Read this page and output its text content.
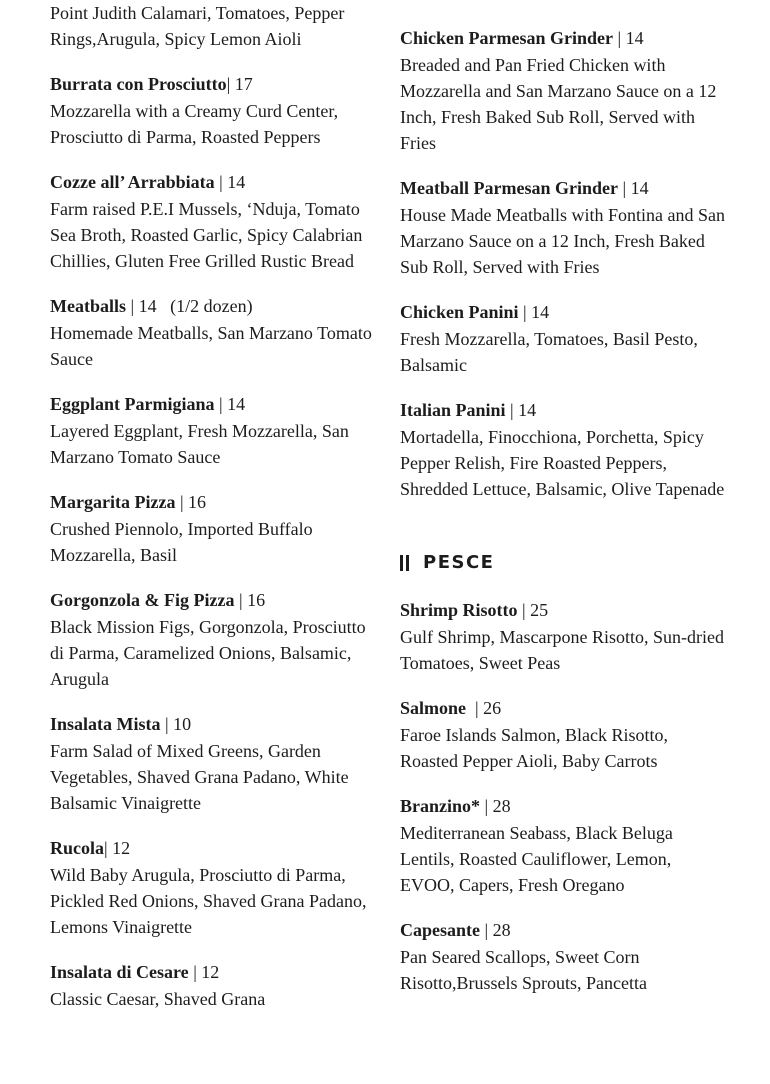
Point Judith Calamari, Tomatoes, Pepper Rings,Arugula, Spicy Lemon Aioli
Burrata con Prosciutto| 17
Mozzarella with a Creamy Curd Center, Prosciutto di Parma, Roasted Peppers
Cozze all’ Arrabbiata | 14
Farm raised P.E.I Mussels, ‘Nduja, Tomato Sea Broth, Roasted Garlic, Spicy Calabrian Chillies, Gluten Free Grilled Rustic Bread
Meatballs | 14   (1/2 dozen)
Homemade Meatballs, San Marzano Tomato Sauce
Eggplant Parmigiana | 14
Layered Eggplant, Fresh Mozzarella, San Marzano Tomato Sauce
Margarita Pizza | 16
Crushed Piennolo, Imported Buffalo Mozzarella, Basil
Gorgonzola & Fig Pizza | 16
Black Mission Figs, Gorgonzola, Prosciutto di Parma, Caramelized Onions, Balsamic, Arugula
Insalata Mista | 10
Farm Salad of Mixed Greens, Garden Vegetables, Shaved Grana Padano, White Balsamic Vinaigrette
Rucola| 12
Wild Baby Arugula, Prosciutto di Parma, Pickled Red Onions, Shaved Grana Padano, Lemons Vinaigrette
Insalata di Cesare | 12
Classic Caesar, Shaved Grana
Chicken Parmesan Grinder | 14
Breaded and Pan Fried Chicken with Mozzarella and San Marzano Sauce on a 12 Inch, Fresh Baked Sub Roll, Served with Fries
Meatball Parmesan Grinder | 14
House Made Meatballs with Fontina and San Marzano Sauce on a 12 Inch, Fresh Baked Sub Roll, Served with Fries
Chicken Panini | 14
Fresh Mozzarella, Tomatoes, Basil Pesto, Balsamic
Italian Panini | 14
Mortadella, Finocchiona, Porchetta, Spicy Pepper Relish, Fire Roasted Peppers, Shredded Lettuce, Balsamic, Olive Tapenade
PESCE
Shrimp Risotto | 25
Gulf Shrimp, Mascarpone Risotto, Sun-dried Tomatoes, Sweet Peas
Salmone  | 26
Faroe Islands Salmon, Black Risotto, Roasted Pepper Aioli, Baby Carrots
Branzino* | 28
Mediterranean Seabass, Black Beluga Lentils, Roasted Cauliflower, Lemon, EVOO, Capers, Fresh Oregano
Capesante | 28
Pan Seared Scallops, Sweet Corn Risotto,Brussels Sprouts, Pancetta
